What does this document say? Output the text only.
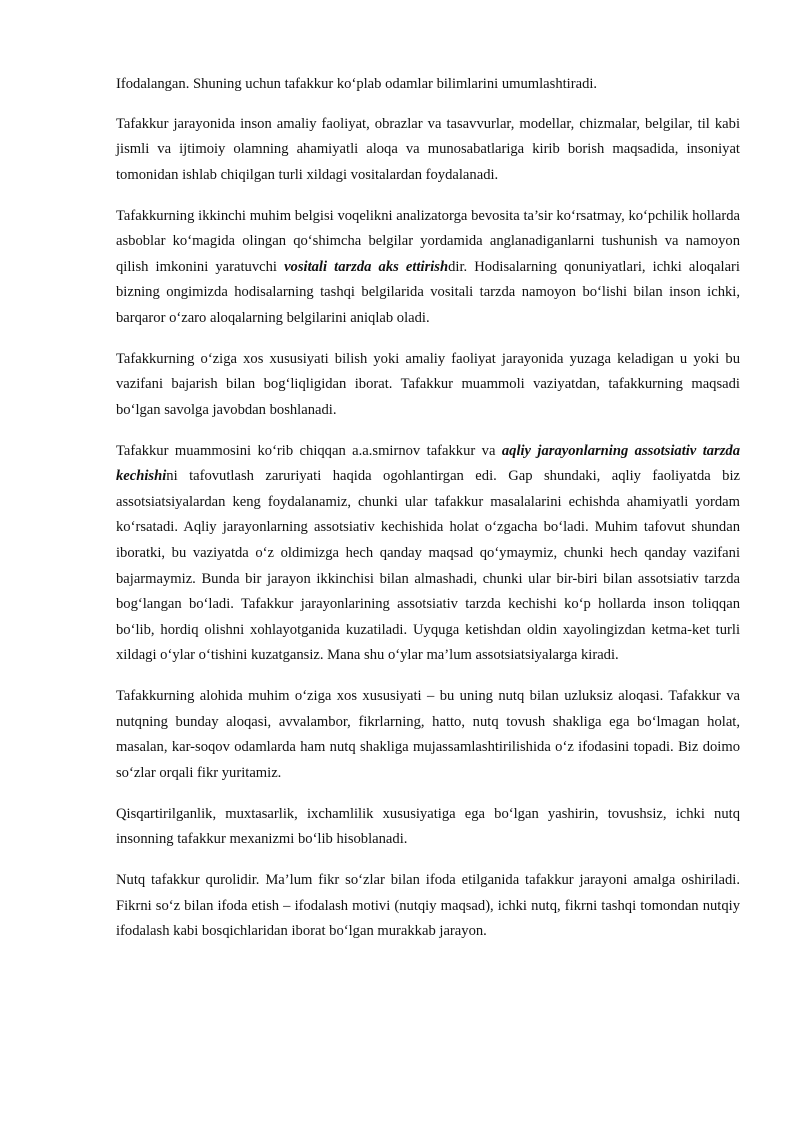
Ifodalangan. Shuning uchun tafakkur ko‘plab odamlar bilimlarini umumlashtiradi.

Tafakkur jarayonida inson amaliy faoliyat, obrazlar va tasavvurlar, modellar, chizmalar, belgilar, til kabi jismli va ijtimoiy olamning ahamiyatli aloqa va munosabatlariga kirib borish maqsadida, insoniyat tomonidan ishlab chiqilgan turli xildagi vositalardan foydalanadi.

Tafakkurning ikkinchi muhim belgisi voqelikni analizatorga bevosita ta’sir ko‘rsatmay, ko‘pchilik hollarda asboblar ko‘magida olingan qo‘shimcha belgilar yordamida anglanadiganlarni tushunish va namoyon qilish imkonini yaratuvchi vositali tarzda aks ettirishdir. Hodisalarning qonuniyatlari, ichki aloqalari bizning ongimizda hodisalarning tashqi belgilarida vositali tarzda namoyon bo‘lishi bilan inson ichki, barqaror o‘zaro aloqalarning belgilarini aniqlab oladi.

Tafakkurning o‘ziga xos xususiyati bilish yoki amaliy faoliyat jarayonida yuzaga keladigan u yoki bu vazifani bajarish bilan bog‘liqligidan iborat. Tafakkur muammoli vaziyatdan, tafakkurning maqsadi bo‘lgan savolga javobdan boshlanadi.

Tafakkur muammosini ko‘rib chiqqan a.a.smirnov tafakkur va aqliy jarayonlarning assotsiativ tarzda kechishini tafovutlash zaruriyati haqida ogohlantirgan edi. Gap shundaki, aqliy faoliyatda biz assotsiatsiyalardan keng foydalanamiz, chunki ular tafakkur masalalarini echishda ahamiyatli yordam ko‘rsatadi. Aqliy jarayonlarning assotsiativ kechishida holat o‘zgacha bo‘ladi. Muhim tafovut shundan iboratki, bu vaziyatda o‘z oldimizga hech qanday maqsad qo‘ymaymiz, chunki hech qanday vazifani bajarmaymiz. Bunda bir jarayon ikkinchisi bilan almashadi, chunki ular bir-biri bilan assotsiativ tarzda bog‘langan bo‘ladi. Tafakkur jarayonlarining assotsiativ tarzda kechishi ko‘p hollarda inson toliqqan bo‘lib, hordiq olishni xohlayotganida kuzatiladi. Uyquga ketishdan oldin xayolingizdan ketma-ket turli xildagi o‘ylar o‘tishini kuzatgansiz. Mana shu o‘ylar ma’lum assotsiatsiyalarga kiradi.

Tafakkurning alohida muhim o‘ziga xos xususiyati – bu uning nutq bilan uzluksiz aloqasi. Tafakkur va nutqning bunday aloqasi, avvalambor, fikrlarning, hatto, nutq tovush shakliga ega bo‘lmagan holat, masalan, kar-soqov odamlarda ham nutq shakliga mujassamlashtirilishida o‘z ifodasini topadi. Biz doimo so‘zlar orqali fikr yuritamiz.

Qisqartirilganlik, muxtasarlik, ixchamlilik xususiyatiga ega bo‘lgan yashirin, tovushsiz, ichki nutq insonning tafakkur mexanizmi bo‘lib hisoblanadi.

Nutq tafakkur qurolidir. Ma’lum fikr so‘zlar bilan ifoda etilganida tafakkur jarayoni amalga oshiriladi. Fikrni so‘z bilan ifoda etish – ifodalash motivi (nutqiy maqsad), ichki nutq, fikrni tashqi tomondan nutqiy ifodalash kabi bosqichlaridan iborat bo‘lgan murakkab jarayon.
